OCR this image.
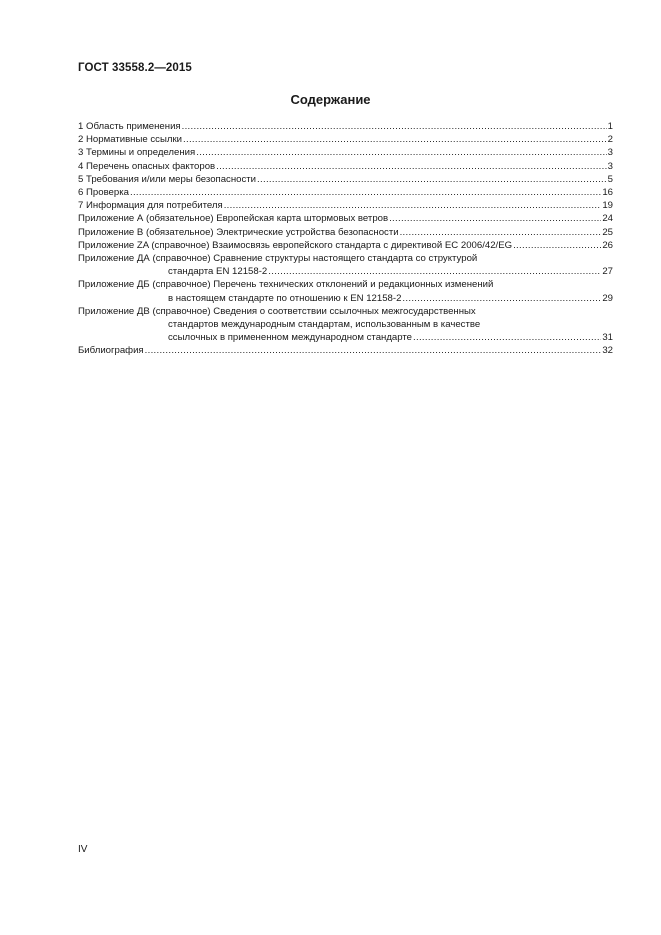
ГОСТ 33558.2—2015
Содержание
1 Область применения .....	1
2 Нормативные ссылки .....	2
3 Термины и определения .....	3
4 Перечень опасных факторов .....	3
5 Требования и/или меры безопасности .....	5
6 Проверка .....	16
7 Информация для потребителя .....	19
Приложение А (обязательное) Европейская карта штормовых ветров .....	24
Приложение В (обязательное) Электрические устройства безопасности .....	25
Приложение ZA (справочное) Взаимосвязь европейского стандарта с директивой ЕС 2006/42/EG .....	26
Приложение ДА (справочное) Сравнение структуры настоящего стандарта со структурой
стандарта EN 12158-2 .....	27
Приложение ДБ (справочное) Перечень технических отклонений и редакционных изменений
в настоящем стандарте по отношению к EN 12158-2 .....	29
Приложение ДВ (справочное) Сведения о соответствии ссылочных межгосударственных
стандартов международным стандартам, использованным в качестве
ссылочных в примененном международном стандарте .....	31
Библиография .....	32
IV
